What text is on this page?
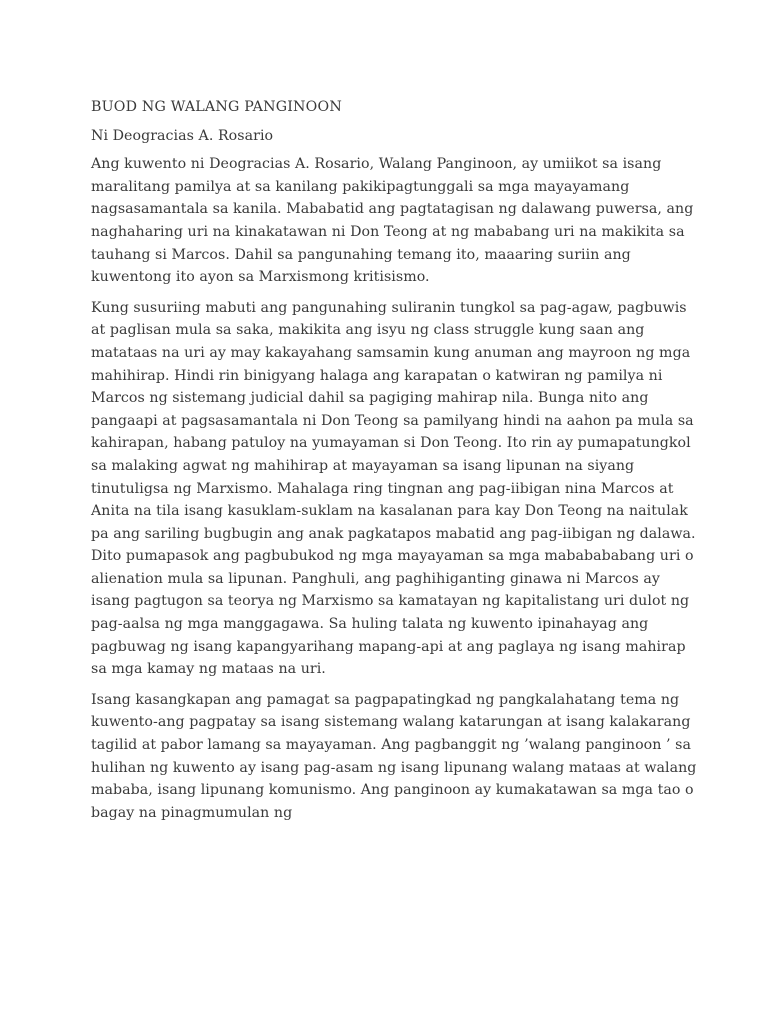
BUOD NG WALANG PANGINOON

Ni Deogracias A. Rosario

Ang kuwento ni Deogracias A. Rosario, Walang Panginoon, ay umiikot sa isang maralitang pamilya at sa kanilang pakikipagtunggali sa mga mayayamang nagsasamantala sa kanila. Mababatid ang pagtatagisan ng dalawang puwersa, ang naghaharing uri na kinakatawan ni Don Teong at ng mababang uri na makikita sa tauhang si Marcos. Dahil sa pangunahing temang ito, maaaring suriin ang kuwentong ito ayon sa Marxismong kritisismo.

Kung susuriing mabuti ang pangunahing suliranin tungkol sa pag-agaw, pagbuwis at paglisan mula sa saka, makikita ang isyu ng class struggle kung saan ang matataas na uri ay may kakayahang samsamin kung anuman ang mayroon ng mga mahihirap. Hindi rin binigyang halaga ang karapatan o katwiran ng pamilya ni Marcos ng sistemang judicial dahil sa pagiging mahirap nila. Bunga nito ang pangaapi at pagsasamantala ni Don Teong sa pamilyang hindi na aahon pa mula sa kahirapan, habang patuloy na yumayaman si Don Teong. Ito rin ay pumapatungkol sa malaking agwat ng mahihirap at mayayaman sa isang lipunan na siyang tinutuligsa ng Marxismo. Mahalaga ring tingnan ang pag-iibigan nina Marcos at Anita na tila isang kasuklam-suklam na kasalanan para kay Don Teong na naitulak pa ang sariling bugbugin ang anak pagkatapos mabatid ang pag-iibigan ng dalawa. Dito pumapasok ang pagbubukod ng mga mayayaman sa mga mababababang uri o alienation mula sa lipunan. Panghuli, ang paghihiganting ginawa ni Marcos ay isang pagtugon sa teorya ng Marxismo sa kamatayan ng kapitalistang uri dulot ng pag-aalsa ng mga manggagawa. Sa huling talata ng kuwento ipinahayag ang pagbuwag ng isang kapangyarihang mapang-api at ang paglaya ng isang mahirap sa mga kamay ng mataas na uri.

Isang kasangkapan ang pamagat sa pagpapatingkad ng pangkalahatang tema ng kuwento-ang pagpatay sa isang sistemang walang katarungan at isang kalakarang tagilid at pabor lamang sa mayayaman. Ang pagbanggit ng ’walang panginoon ’ sa hulihan ng kuwento ay isang pag-asam ng isang lipunang walang mataas at walang mababa, isang lipunang komunismo. Ang panginoon ay kumakatawan sa mga tao o bagay na pinagmumulan ng
